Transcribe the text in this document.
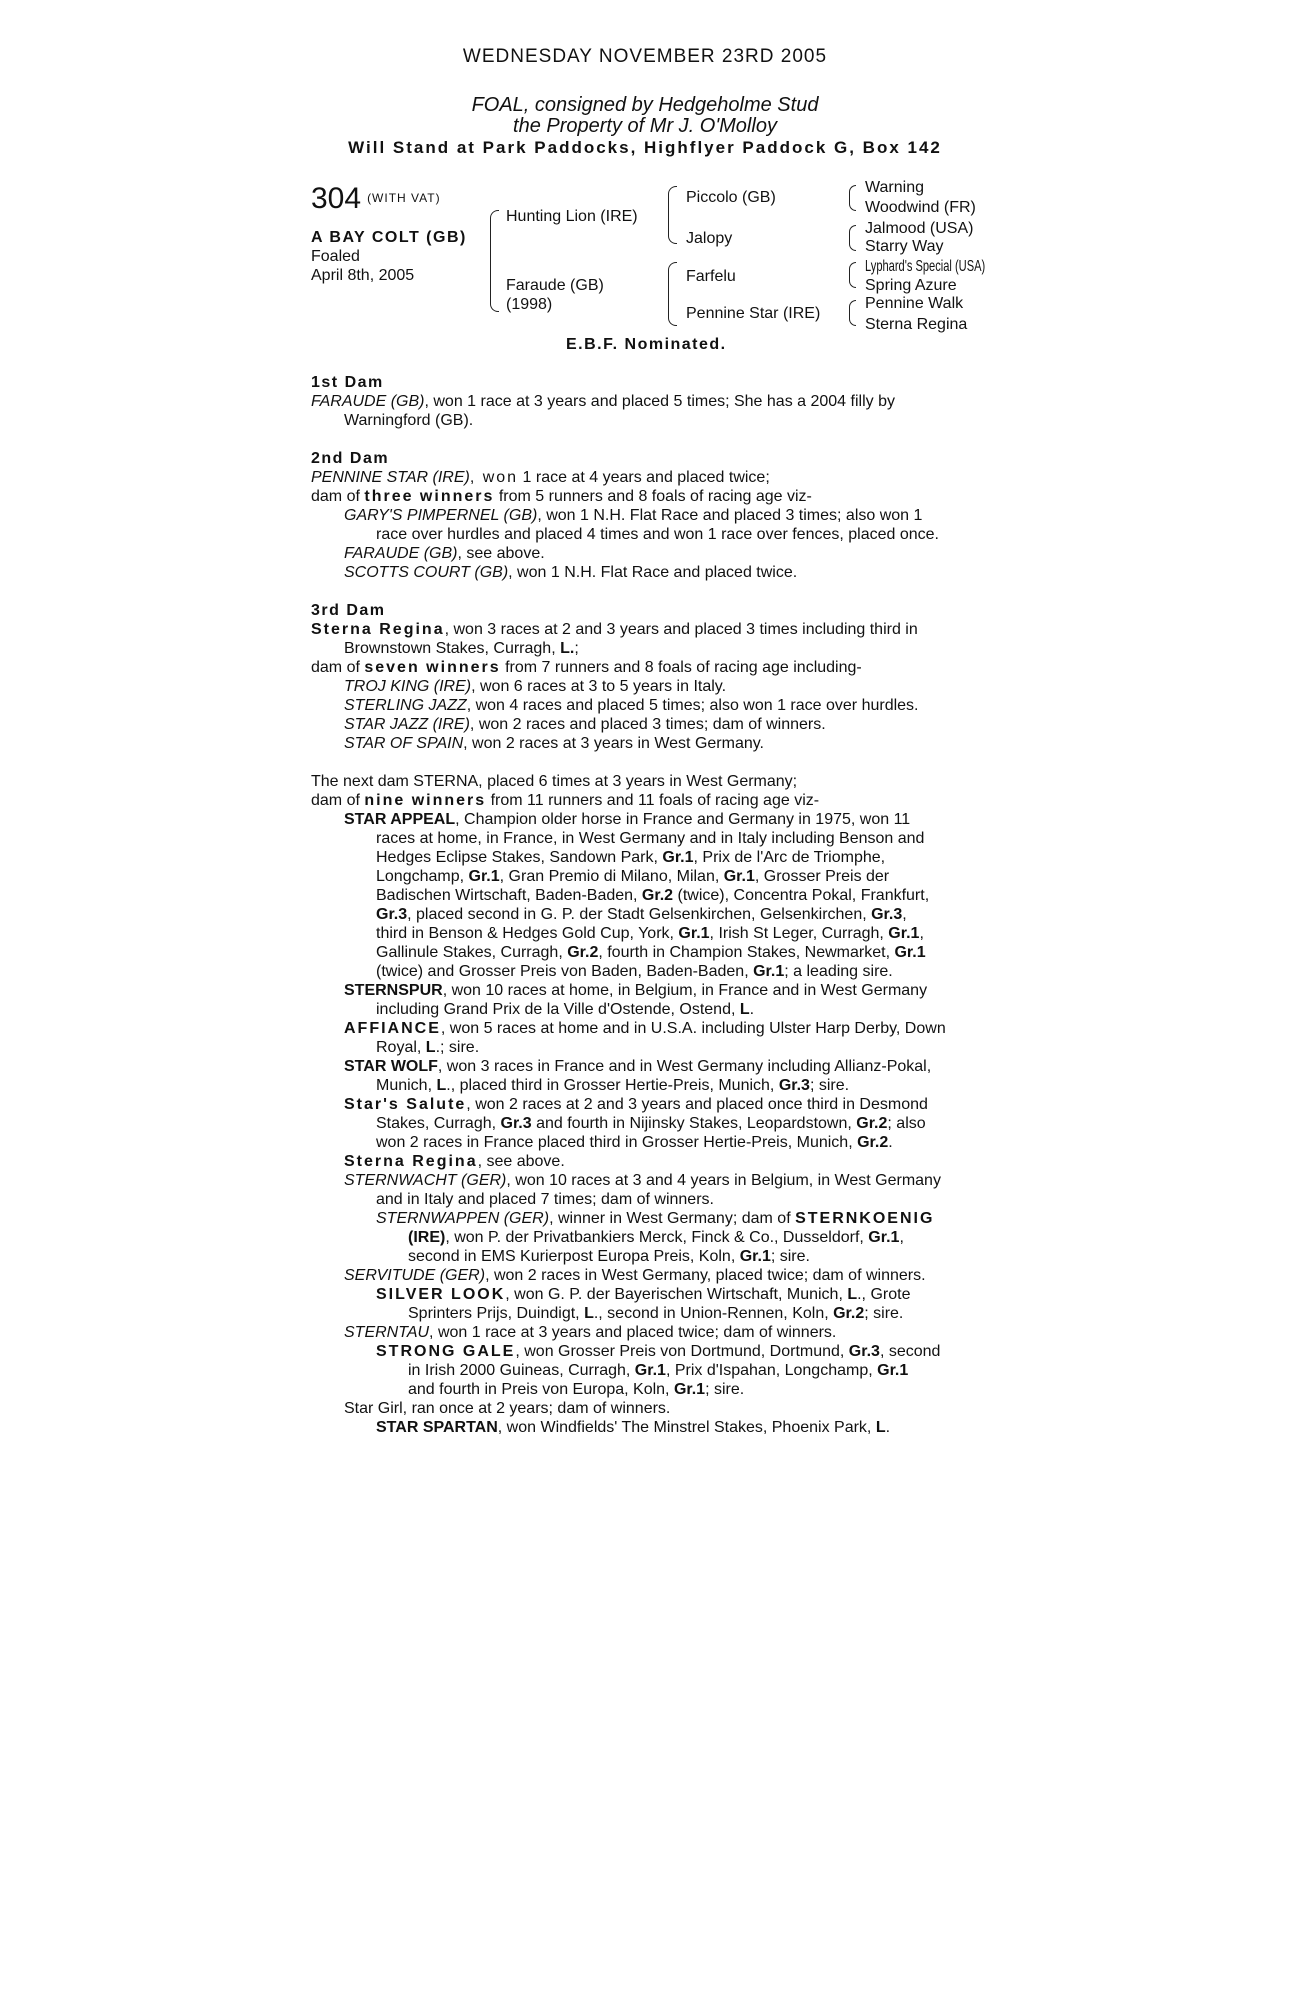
WEDNESDAY NOVEMBER 23RD 2005
FOAL, consigned by Hedgeholme Stud
the Property of Mr J. O'Molloy
Will Stand at Park Paddocks, Highflyer Paddock G, Box 142
304 $^{(WITH VAT)}$
A BAY COLT (GB)
Foaled
April 8th, 2005
Hunting Lion (IRE)
Faraude (GB)
(1998)
Piccolo (GB)
Jalopy
Farfelu
Pennine Star (IRE)
Warning
Woodwind (FR)
Jalmood (USA)
Starry Way
Lyphard's Special (USA)
Spring Azure
Pennine Walk
Sterna Regina
E.B.F. Nominated.
1st Dam
FARAUDE (GB), won 1 race at 3 years and placed 5 times; She has a 2004 filly by
Warningford (GB).
2nd Dam
PENNINE STAR (IRE), won 1 race at 4 years and placed twice;
dam of three winners from 5 runners and 8 foals of racing age viz-
GARY'S PIMPERNEL (GB), won 1 N.H. Flat Race and placed 3 times; also won 1
race over hurdles and placed 4 times and won 1 race over fences, placed once.
FARAUDE (GB), see above.
SCOTTS COURT (GB), won 1 N.H. Flat Race and placed twice.
3rd Dam
Sterna Regina, won 3 races at 2 and 3 years and placed 3 times including third in
Brownstown Stakes, Curragh, L.;
dam of seven winners from 7 runners and 8 foals of racing age including-
TROJ KING (IRE), won 6 races at 3 to 5 years in Italy.
STERLING JAZZ, won 4 races and placed 5 times; also won 1 race over hurdles.
STAR JAZZ (IRE), won 2 races and placed 3 times; dam of winners.
STAR OF SPAIN, won 2 races at 3 years in West Germany.
The next dam STERNA, placed 6 times at 3 years in West Germany;
dam of nine winners from 11 runners and 11 foals of racing age viz-
STAR APPEAL, Champion older horse in France and Germany in 1975, won 11
races at home, in France, in West Germany and in Italy including Benson and
Hedges Eclipse Stakes, Sandown Park, Gr.1, Prix de l'Arc de Triomphe,
Longchamp, Gr.1, Gran Premio di Milano, Milan, Gr.1, Grosser Preis der
Badischen Wirtschaft, Baden-Baden, Gr.2 (twice), Concentra Pokal, Frankfurt,
Gr.3, placed second in G. P. der Stadt Gelsenkirchen, Gelsenkirchen, Gr.3,
third in Benson & Hedges Gold Cup, York, Gr.1, Irish St Leger, Curragh, Gr.1,
Gallinule Stakes, Curragh, Gr.2, fourth in Champion Stakes, Newmarket, Gr.1
(twice) and Grosser Preis von Baden, Baden-Baden, Gr.1; a leading sire.
STERNSPUR, won 10 races at home, in Belgium, in France and in West Germany
including Grand Prix de la Ville d'Ostende, Ostend, L.
AFFIANCE, won 5 races at home and in U.S.A. including Ulster Harp Derby, Down
Royal, L.; sire.
STAR WOLF, won 3 races in France and in West Germany including Allianz-Pokal,
Munich, L., placed third in Grosser Hertie-Preis, Munich, Gr.3; sire.
Star's Salute, won 2 races at 2 and 3 years and placed once third in Desmond
Stakes, Curragh, Gr.3 and fourth in Nijinsky Stakes, Leopardstown, Gr.2; also
won 2 races in France placed third in Grosser Hertie-Preis, Munich, Gr.2.
Sterna Regina, see above.
STERNWACHT (GER), won 10 races at 3 and 4 years in Belgium, in West Germany
and in Italy and placed 7 times; dam of winners.
STERNWAPPEN (GER), winner in West Germany; dam of STERNKOENIG
(IRE), won P. der Privatbankiers Merck, Finck & Co., Dusseldorf, Gr.1,
second in EMS Kurierpost Europa Preis, Koln, Gr.1; sire.
SERVITUDE (GER), won 2 races in West Germany, placed twice; dam of winners.
SILVER LOOK, won G. P. der Bayerischen Wirtschaft, Munich, L., Grote
Sprinters Prijs, Duindigt, L., second in Union-Rennen, Koln, Gr.2; sire.
STERNTAU, won 1 race at 3 years and placed twice; dam of winners.
STRONG GALE, won Grosser Preis von Dortmund, Dortmund, Gr.3, second
in Irish 2000 Guineas, Curragh, Gr.1, Prix d'Ispahan, Longchamp, Gr.1
and fourth in Preis von Europa, Koln, Gr.1; sire.
Star Girl, ran once at 2 years; dam of winners.
STAR SPARTAN, won Windfields' The Minstrel Stakes, Phoenix Park, L.
